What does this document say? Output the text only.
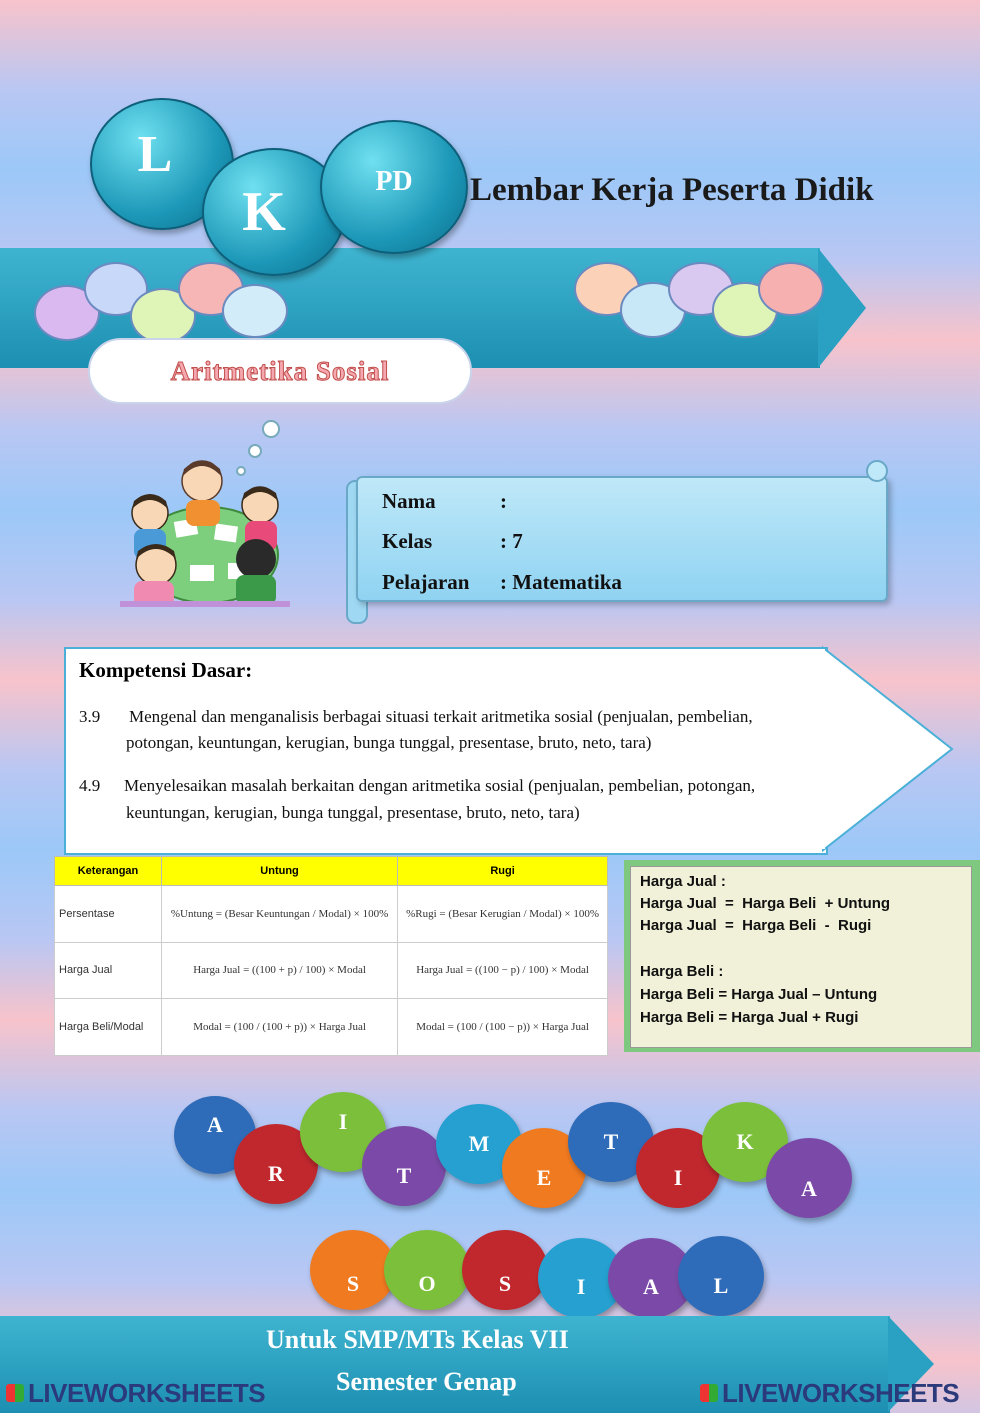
L
K	PD Lembar Kerja Peserta Didik
Aritmetika Sosial
Nama	:
Kelas	: 7
Pelajaran : Matematika
Kompetensi Dasar:
3.9 Mengenal dan menganalisis berbagai situasi terkait aritmetika sosial (penjualan, pembelian,
potongan, keuntungan, kerugian, bunga tunggal, presentase, bruto, neto, tara)
4.9 Menyelesaikan masalah berkaitan dengan aritmetika sosial (penjualan, pembelian, potongan,
keuntungan, kerugian, bunga tunggal, presentase, bruto, neto, tara)
Keterangan	Untung	Rugi
Persentase	%Untung = (Besar Keuntungan / Modal) × 100%	%Rugi = (Besar Kerugian / Modal) × 100%
Harga Jual	Harga Jual = ((100 + p) / 100) × Modal	Harga Jual = ((100 − p) / 100) × Modal
Harga Beli/Modal	Modal = (100 / (100 + p)) × Harga Jual	Modal = (100 / (100 − p)) × Harga Jual
Harga Jual :
Harga Jual  =  Harga Beli  + Untung
Harga Jual  =  Harga Beli  -  Rugi
Harga Beli :
Harga Beli = Harga Jual – Untung
Harga Beli = Harga Jual + Rugi
A
R
I
T
M
E
T
I
K
A
S	O	S	I	A L
Untuk SMP/MTs Kelas VII
Semester Genap
LIVEWORKSHEETS	LIVEWORKSHEETS
